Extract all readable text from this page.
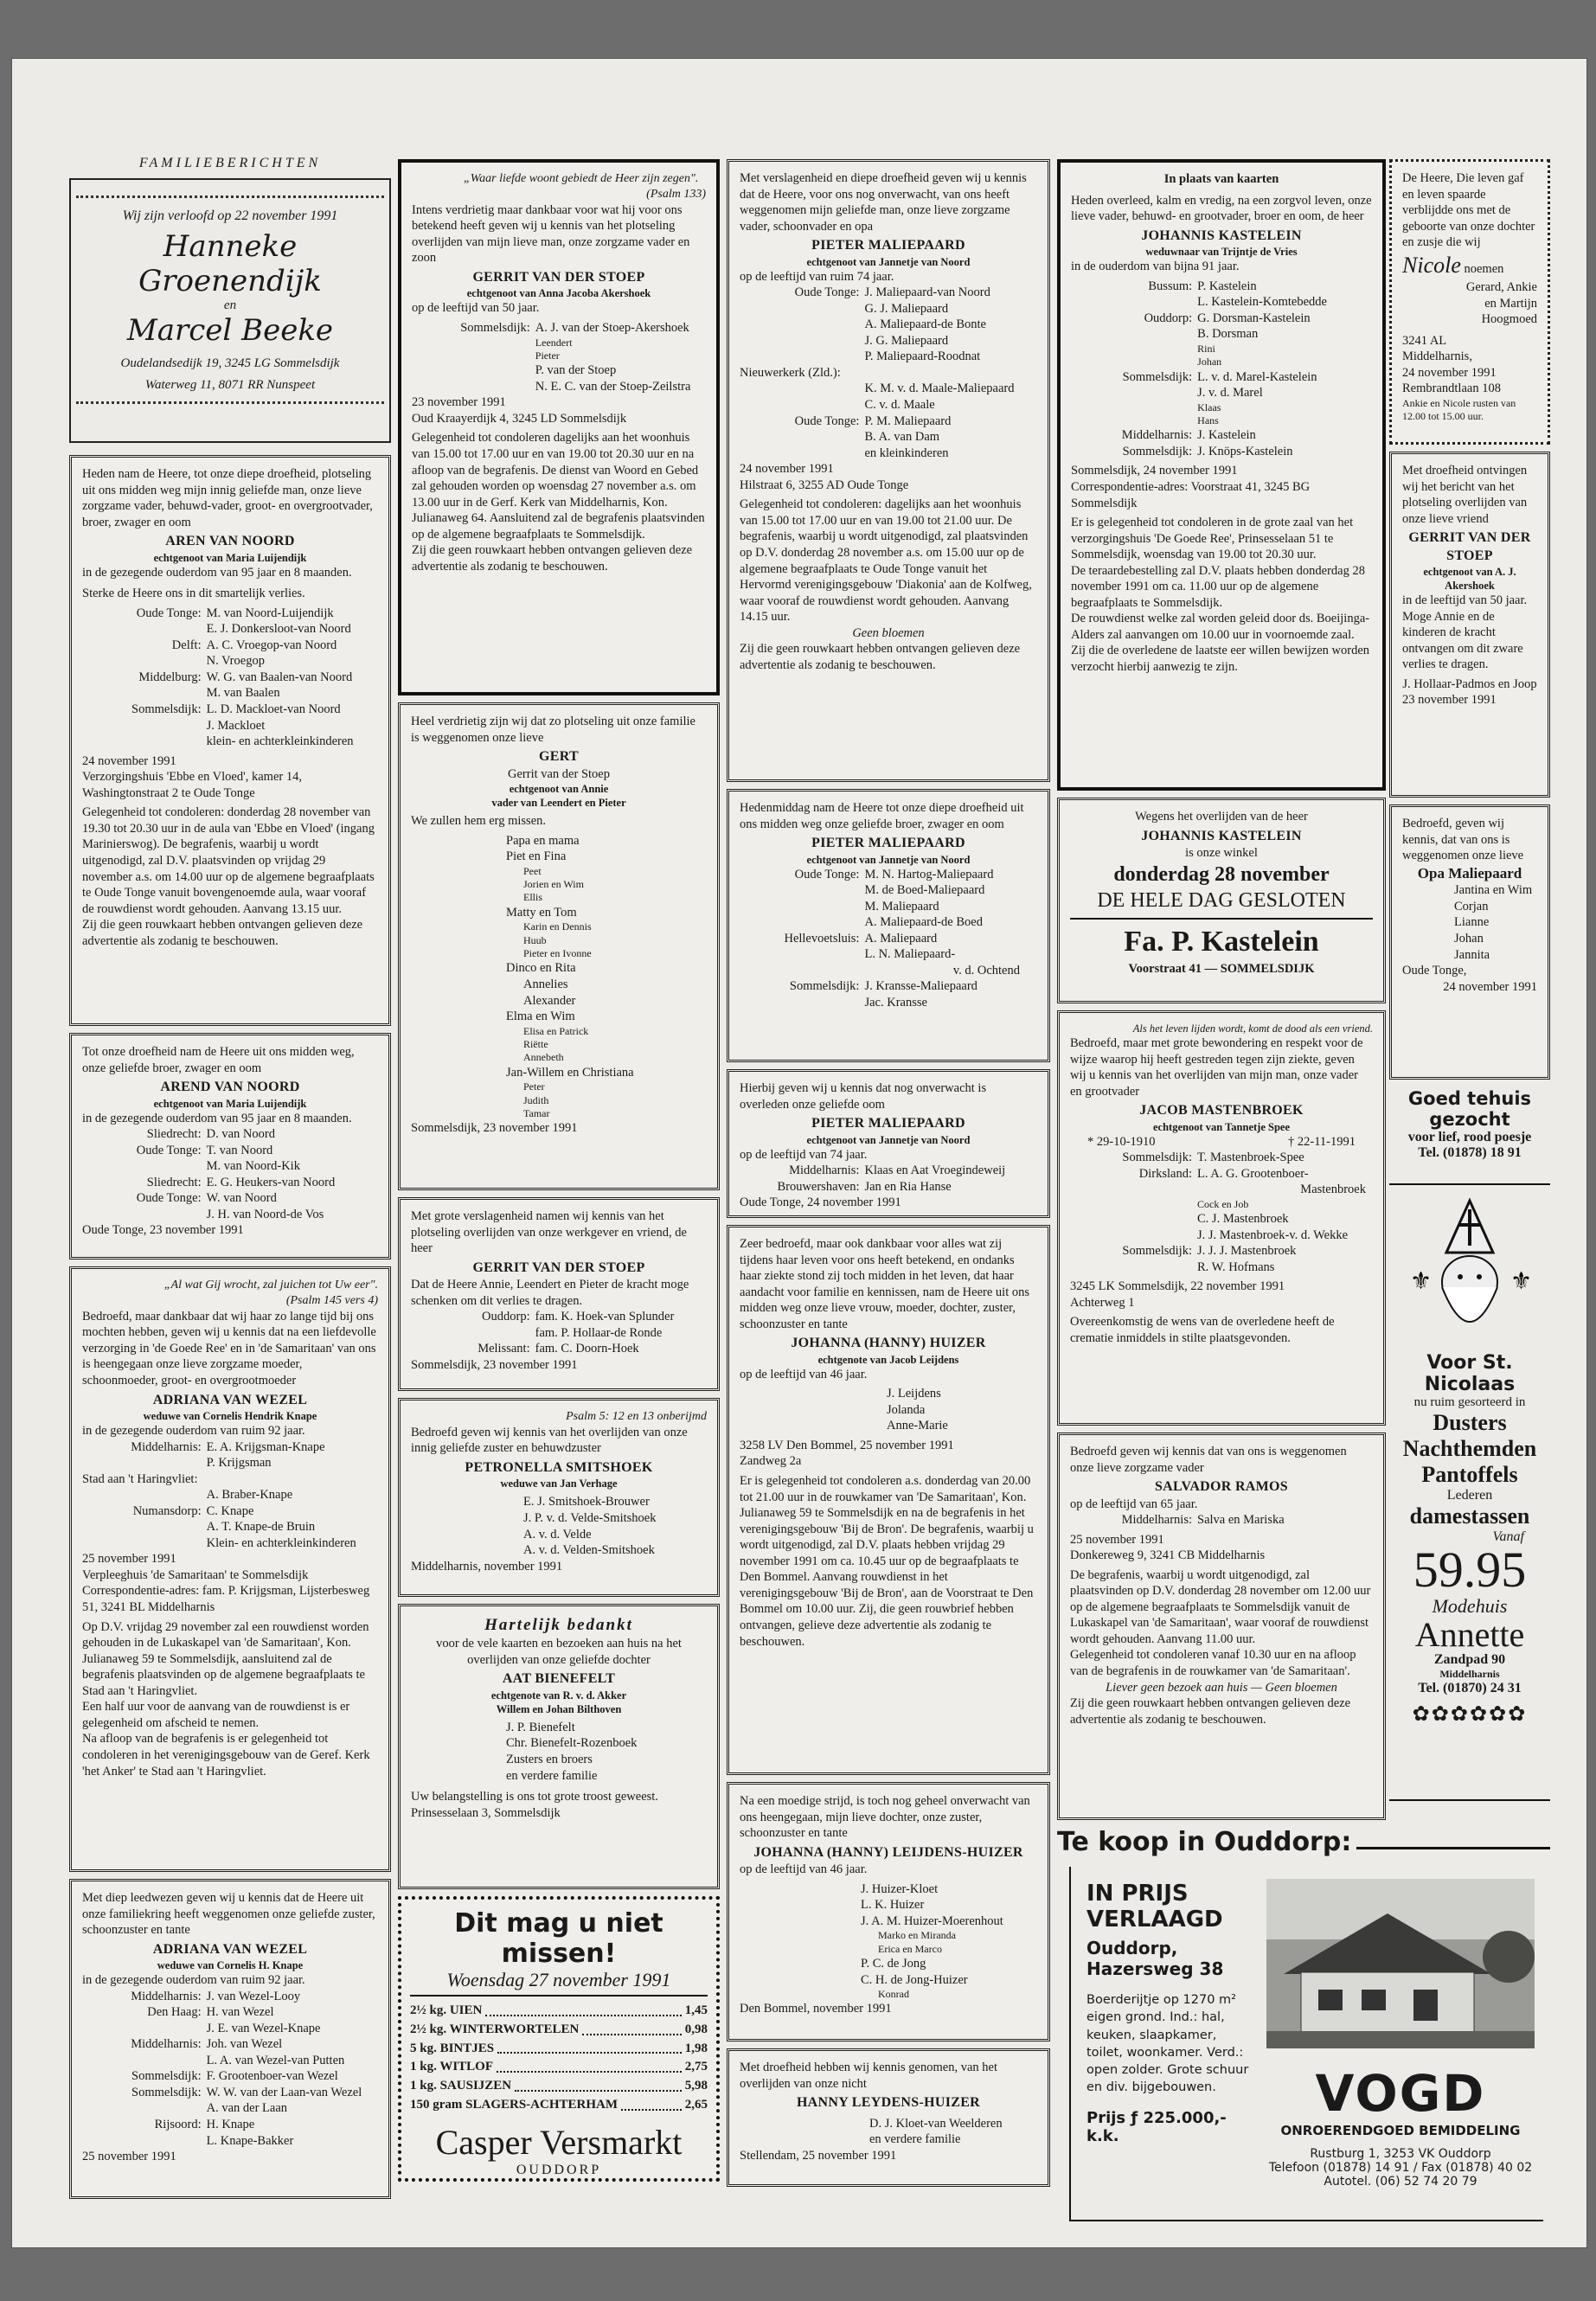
FAMILIEBERICHTEN
Wij zijn verloofd op 22 november 1991
Hanneke Groenendijk
en
Marcel Beeke
Oudelandsedijk 19, 3245 LG Sommelsdijk
Waterweg 11, 8071 RR Nunspeet
Heden nam de Heere, tot onze diepe droefheid, plotseling uit ons midden weg mijn innig geliefde man, onze lieve zorgzame vader, behuwd-vader, groot- en overgrootvader, broer, zwager en oom
AREN VAN NOORD
echtgenoot van Maria Luijendijk
in de gezegende ouderdom van 95 jaar en 8 maanden.
Sterke de Heere ons in dit smartelijk verlies.
Oude Tonge: M. van Noord-Luijendijk
E. J. Donkersloot-van Noord
Delft: A. C. Vroegop-van Noord
N. Vroegop
Middelburg: W. G. van Baalen-van Noord
M. van Baalen
Sommelsdijk: L. D. Mackloet-van Noord
J. Mackloet
klein- en achterkleinkinderen
24 november 1991
Verzorgingshuis 'Ebbe en Vloed', kamer 14, Washingtonstraat 2 te Oude Tonge
Gelegenheid tot condoleren: donderdag 28 november van 19.30 tot 20.30 uur in de aula van 'Ebbe en Vloed' (ingang Marinierswog). De begrafenis, waarbij u wordt uitgenodigd, zal D.V. plaatsvinden op vrijdag 29 november a.s. om 14.00 uur op de algemene begraafplaats te Oude Tonge vanuit bovengenoemde aula, waar vooraf de rouwdienst wordt gehouden. Aanvang 13.15 uur.
Zij die geen rouwkaart hebben ontvangen gelieven deze advertentie als zodanig te beschouwen.
Tot onze droefheid nam de Heere uit ons midden weg, onze geliefde broer, zwager en oom
AREND VAN NOORD
echtgenoot van Maria Luijendijk
in de gezegende ouderdom van 95 jaar en 8 maanden.
Sliedrecht: D. van Noord
Oude Tonge: T. van Noord
M. van Noord-Kik
Sliedrecht: E. G. Heukers-van Noord
Oude Tonge: W. van Noord
J. H. van Noord-de Vos
Oude Tonge, 23 november 1991
„Al wat Gij wrocht, zal juichen tot Uw eer".
(Psalm 145 vers 4)
Bedroefd, maar dankbaar dat wij haar zo lange tijd bij ons mochten hebben, geven wij u kennis dat na een liefdevolle verzorging in 'de Goede Ree' en in 'de Samaritaan' van ons is heengegaan onze lieve zorgzame moeder, schoonmoeder, groot- en overgrootmoeder
ADRIANA VAN WEZEL
weduwe van Cornelis Hendrik Knape
in de gezegende ouderdom van ruim 92 jaar.
Middelharnis: E. A. Krijgsman-Knape
P. Krijgsman
Stad aan 't Haringvliet:
A. Braber-Knape
Numansdorp: C. Knape
A. T. Knape-de Bruin
Klein- en achterkleinkinderen
25 november 1991
Verpleeghuis 'de Samaritaan' te Sommelsdijk
Correspondentie-adres: fam. P. Krijgsman, Lijsterbesweg 51, 3241 BL Middelharnis
Op D.V. vrijdag 29 november zal een rouwdienst worden gehouden in de Lukaskapel van 'de Samaritaan', Kon. Julianaweg 59 te Sommelsdijk, aansluitend zal de begrafenis plaatsvinden op de algemene begraafplaats te Stad aan 't Haringvliet.
Een half uur voor de aanvang van de rouwdienst is er gelegenheid om afscheid te nemen.
Na afloop van de begrafenis is er gelegenheid tot condoleren in het verenigingsgebouw van de Geref. Kerk 'het Anker' te Stad aan 't Haringvliet.
Met diep leedwezen geven wij u kennis dat de Heere uit onze familiekring heeft weggenomen onze geliefde zuster, schoonzuster en tante
ADRIANA VAN WEZEL
weduwe van Cornelis H. Knape
in de gezegende ouderdom van ruim 92 jaar.
Middelharnis: J. van Wezel-Looy
Den Haag: H. van Wezel
J. E. van Wezel-Knape
Middelharnis: Joh. van Wezel
L. A. van Wezel-van Putten
Sommelsdijk: F. Grootenboer-van Wezel
Sommelsdijk: W. W. van der Laan-van Wezel
A. van der Laan
Rijsoord: H. Knape
L. Knape-Bakker
25 november 1991
„Waar liefde woont gebiedt de Heer zijn zegen".
(Psalm 133)
Intens verdrietig maar dankbaar voor wat hij voor ons betekend heeft geven wij u kennis van het plotseling overlijden van mijn lieve man, onze zorgzame vader en zoon
GERRIT VAN DER STOEP
echtgenoot van Anna Jacoba Akershoek
op de leeftijd van 50 jaar.
Sommelsdijk: A. J. van der Stoep-Akershoek
Leendert
Pieter
P. van der Stoep
N. E. C. van der Stoep-Zeilstra
23 november 1991
Oud Kraayerdijk 4, 3245 LD Sommelsdijk
Gelegenheid tot condoleren dagelijks aan het woonhuis van 15.00 tot 17.00 uur en van 19.00 tot 20.30 uur en na afloop van de begrafenis. De dienst van Woord en Gebed zal gehouden worden op woensdag 27 november a.s. om 13.00 uur in de Gerf. Kerk van Middelharnis, Kon. Julianaweg 64. Aansluitend zal de begrafenis plaatsvinden op de algemene begraafplaats te Sommelsdijk.
Zij die geen rouwkaart hebben ontvangen gelieven deze advertentie als zodanig te beschouwen.
Heel verdrietig zijn wij dat zo plotseling uit onze familie is weggenomen onze lieve
GERT
Gerrit van der Stoep
echtgenoot van Annie
vader van Leendert en Pieter
We zullen hem erg missen.
Papa en mama
Piet en Fina
Peet
Jorien en Wim
Ellis
Matty en Tom
Karin en Dennis
Huub
Pieter en Ivonne
Dinco en Rita
Annelies
Alexander
Elma en Wim
Elisa en Patrick
Riëtte
Annebeth
Jan-Willem en Christiana
Peter
Judith
Tamar
Sommelsdijk, 23 november 1991
Met grote verslagenheid namen wij kennis van het plotseling overlijden van onze werkgever en vriend, de heer
GERRIT VAN DER STOEP
Dat de Heere Annie, Leendert en Pieter de kracht moge schenken om dit verlies te dragen.
Ouddorp: fam. K. Hoek-van Splunder
fam. P. Hollaar-de Ronde
Melissant: fam. C. Doorn-Hoek
Sommelsdijk, 23 november 1991
Psalm 5: 12 en 13 onberijmd
Bedroefd geven wij kennis van het overlijden van onze innig geliefde zuster en behuwdzuster
PETRONELLA SMITSHOEK
weduwe van Jan Verhage
E. J. Smitshoek-Brouwer
J. P. v. d. Velde-Smitshoek
A. v. d. Velde
A. v. d. Velden-Smitshoek
Middelharnis, november 1991
Hartelijk bedankt
voor de vele kaarten en bezoeken aan huis na het overlijden van onze geliefde dochter
AAT BIENEFELT
echtgenote van R. v. d. Akker
Willem en Johan Bilthoven
J. P. Bienefelt
Chr. Bienefelt-Rozenboek
Zusters en broers
en verdere familie
Uw belangstelling is ons tot grote troost geweest.
Prinsesselaan 3, Sommelsdijk
Dit mag u niet missen!
Woensdag 27 november 1991
2½ kg. UIEN	1,45
2½ kg. WINTERWORTELEN	0,98
5 kg. BINTJES	1,98
1 kg. WITLOF	2,75
1 kg. SAUSIJZEN	5,98
150 gram SLAGERS-ACHTERHAM	2,65
Casper Versmarkt
OUDDORP
Met verslagenheid en diepe droefheid geven wij u kennis dat de Heere, voor ons nog onverwacht, van ons heeft weggenomen mijn geliefde man, onze lieve zorgzame vader, schoonvader en opa
PIETER MALIEPAARD
echtgenoot van Jannetje van Noord
op de leeftijd van ruim 74 jaar.
Oude Tonge: J. Maliepaard-van Noord
G. J. Maliepaard
A. Maliepaard-de Bonte
J. G. Maliepaard
P. Maliepaard-Roodnat
Nieuwerkerk (Zld.):
K. M. v. d. Maale-Maliepaard
C. v. d. Maale
Oude Tonge: P. M. Maliepaard
B. A. van Dam
en kleinkinderen
24 november 1991
Hilstraat 6, 3255 AD Oude Tonge
Gelegenheid tot condoleren: dagelijks aan het woonhuis van 15.00 tot 17.00 uur en van 19.00 tot 21.00 uur. De begrafenis, waarbij u wordt uitgenodigd, zal plaatsvinden op D.V. donderdag 28 november a.s. om 15.00 uur op de algemene begraafplaats te Oude Tonge vanuit het Hervormd verenigingsgebouw 'Diakonia' aan de Kolfweg, waar vooraf de rouwdienst wordt gehouden. Aanvang 14.15 uur.
Geen bloemen
Zij die geen rouwkaart hebben ontvangen gelieven deze advertentie als zodanig te beschouwen.
Hedenmiddag nam de Heere tot onze diepe droefheid uit ons midden weg onze geliefde broer, zwager en oom
PIETER MALIEPAARD
echtgenoot van Jannetje van Noord
Oude Tonge: M. N. Hartog-Maliepaard
M. de Boed-Maliepaard
M. Maliepaard
A. Maliepaard-de Boed
Hellevoetsluis: A. Maliepaard
L. N. Maliepaard-
v. d. Ochtend
Sommelsdijk: J. Kransse-Maliepaard
Jac. Kransse
Hierbij geven wij u kennis dat nog onverwacht is overleden onze geliefde oom
PIETER MALIEPAARD
echtgenoot van Jannetje van Noord
op de leeftijd van 74 jaar.
Middelharnis: Klaas en Aat Vroegindeweij
Brouwershaven: Jan en Ria Hanse
Oude Tonge, 24 november 1991
Zeer bedroefd, maar ook dankbaar voor alles wat zij tijdens haar leven voor ons heeft betekend, en ondanks haar ziekte stond zij toch midden in het leven, dat haar aandacht voor familie en kennissen, nam de Heere uit ons midden weg onze lieve vrouw, moeder, dochter, zuster, schoonzuster en tante
JOHANNA (HANNY) HUIZER
echtgenote van Jacob Leijdens
op de leeftijd van 46 jaar.
J. Leijdens
Jolanda
Anne-Marie
3258 LV Den Bommel, 25 november 1991
Zandweg 2a
Er is gelegenheid tot condoleren a.s. donderdag van 20.00 tot 21.00 uur in de rouwkamer van 'De Samaritaan', Kon. Julianaweg 59 te Sommelsdijk en na de begrafenis in het verenigingsgebouw 'Bij de Bron'. De begrafenis, waarbij u wordt uitgenodigd, zal D.V. plaats hebben vrijdag 29 november 1991 om ca. 10.45 uur op de begraafplaats te Den Bommel. Aanvang rouwdienst in het verenigingsgebouw 'Bij de Bron', aan de Voorstraat te Den Bommel om 10.00 uur. Zij, die geen rouwbrief hebben ontvangen, gelieve deze advertentie als zodanig te beschouwen.
Na een moedige strijd, is toch nog geheel onverwacht van ons heengegaan, mijn lieve dochter, onze zuster, schoonzuster en tante
JOHANNA (HANNY) LEIJDENS-HUIZER
op de leeftijd van 46 jaar.
J. Huizer-Kloet
L. K. Huizer
J. A. M. Huizer-Moerenhout
Marko en Miranda
Erica en Marco
P. C. de Jong
C. H. de Jong-Huizer
Konrad
Den Bommel, november 1991
Met droefheid hebben wij kennis genomen, van het overlijden van onze nicht
HANNY LEYDENS-HUIZER
D. J. Kloet-van Weelderen
en verdere familie
Stellendam, 25 november 1991
In plaats van kaarten
Heden overleed, kalm en vredig, na een zorgvol leven, onze lieve vader, behuwd- en grootvader, broer en oom, de heer
JOHANNIS KASTELEIN
weduwnaar van Trijntje de Vries
in de ouderdom van bijna 91 jaar.
Bussum: P. Kastelein
L. Kastelein-Komtebedde
Ouddorp: G. Dorsman-Kastelein
B. Dorsman
Rini
Johan
Sommelsdijk: L. v. d. Marel-Kastelein
J. v. d. Marel
Klaas
Hans
Middelharnis: J. Kastelein
Sommelsdijk: J. Knöps-Kastelein
Sommelsdijk, 24 november 1991
Correspondentie-adres: Voorstraat 41, 3245 BG Sommelsdijk
Er is gelegenheid tot condoleren in de grote zaal van het verzorgingshuis 'De Goede Ree', Prinsesselaan 51 te Sommelsdijk, woensdag van 19.00 tot 20.30 uur.
De teraardebestelling zal D.V. plaats hebben donderdag 28 november 1991 om ca. 11.00 uur op de algemene begraafplaats te Sommelsdijk.
De rouwdienst welke zal worden geleid door ds. Boeijinga-Alders zal aanvangen om 10.00 uur in voornoemde zaal.
Zij die de overledene de laatste eer willen bewijzen worden verzocht hierbij aanwezig te zijn.
Wegens het overlijden van de heer
JOHANNIS KASTELEIN
is onze winkel
donderdag 28 november
DE HELE DAG GESLOTEN
Fa. P. Kastelein
Voorstraat 41 — SOMMELSDIJK
Als het leven lijden wordt, komt de dood als een vriend.
Bedroefd, maar met grote bewondering en respekt voor de wijze waarop hij heeft gestreden tegen zijn ziekte, geven wij u kennis van het overlijden van mijn man, onze vader en grootvader
JACOB MASTENBROEK
echtgenoot van Tannetje Spee
* 29-10-1910	† 22-11-1991
Sommelsdijk: T. Mastenbroek-Spee
Dirksland: L. A. G. Grootenboer-
Mastenbroek
Cock en Job
C. J. Mastenbroek
J. J. Mastenbroek-v. d. Wekke
Sommelsdijk: J. J. J. Mastenbroek
R. W. Hofmans
3245 LK Sommelsdijk, 22 november 1991
Achterweg 1
Overeenkomstig de wens van de overledene heeft de crematie inmiddels in stilte plaatsgevonden.
Bedroefd geven wij kennis dat van ons is weggenomen onze lieve zorgzame vader
SALVADOR RAMOS
op de leeftijd van 65 jaar.
Middelharnis: Salva en Mariska
25 november 1991
Donkereweg 9, 3241 CB Middelharnis
De begrafenis, waarbij u wordt uitgenodigd, zal plaatsvinden op D.V. donderdag 28 november om 12.00 uur op de algemene begraafplaats te Sommelsdijk vanuit de Lukaskapel van 'de Samaritaan', waar vooraf de rouwdienst wordt gehouden. Aanvang 11.00 uur.
Gelegenheid tot condoleren vanaf 10.30 uur en na afloop van de begrafenis in de rouwkamer van 'de Samaritaan'.
Liever geen bezoek aan huis — Geen bloemen
Zij die geen rouwkaart hebben ontvangen gelieven deze advertentie als zodanig te beschouwen.
Te koop in Ouddorp:
IN PRIJS
VERLAAGD
Ouddorp,
Hazersweg 38
Boerderijtje op 1270 m² eigen grond. Ind.: hal, keuken, slaapkamer, toilet, woonkamer. Verd.: open zolder. Grote schuur en div. bijgebouwen.
Prijs ƒ 225.000,- k.k.
VOGD
ONROERENDGOED BEMIDDELING
Rustburg 1, 3253 VK Ouddorp
Telefoon (01878) 14 91 / Fax (01878) 40 02
Autotel. (06) 52 74 20 79
De Heere, Die leven gaf en leven spaarde verblijdde ons met de geboorte van onze dochter en zusje die wij
Nicole noemen
Gerard, Ankie
en Martijn
Hoogmoed
3241 AL
Middelharnis,
24 november 1991
Rembrandtlaan 108
Ankie en Nicole rusten van 12.00 tot 15.00 uur.
Met droefheid ontvingen wij het bericht van het plotseling overlijden van onze lieve vriend
GERRIT VAN DER STOEP
echtgenoot van A. J. Akershoek
in de leeftijd van 50 jaar.
Moge Annie en de kinderen de kracht ontvangen om dit zware verlies te dragen.
J. Hollaar-Padmos en Joop
23 november 1991
Bedroefd, geven wij kennis, dat van ons is weggenomen onze lieve
Opa Maliepaard
Jantina en Wim
Corjan
Lianne
Johan
Jannita
Oude Tonge,
24 november 1991
Goed tehuis gezocht
voor lief, rood poesje
Tel. (01878) 18 91
⚜	⚜
Voor St. Nicolaas
nu ruim gesorteerd in
Dusters
Nachthemden
Pantoffels
Lederen
damestassen
Vanaf
59.95
Modehuis
Annette
Zandpad 90
Middelharnis
Tel. (01870) 24 31
✿✿✿✿✿✿
